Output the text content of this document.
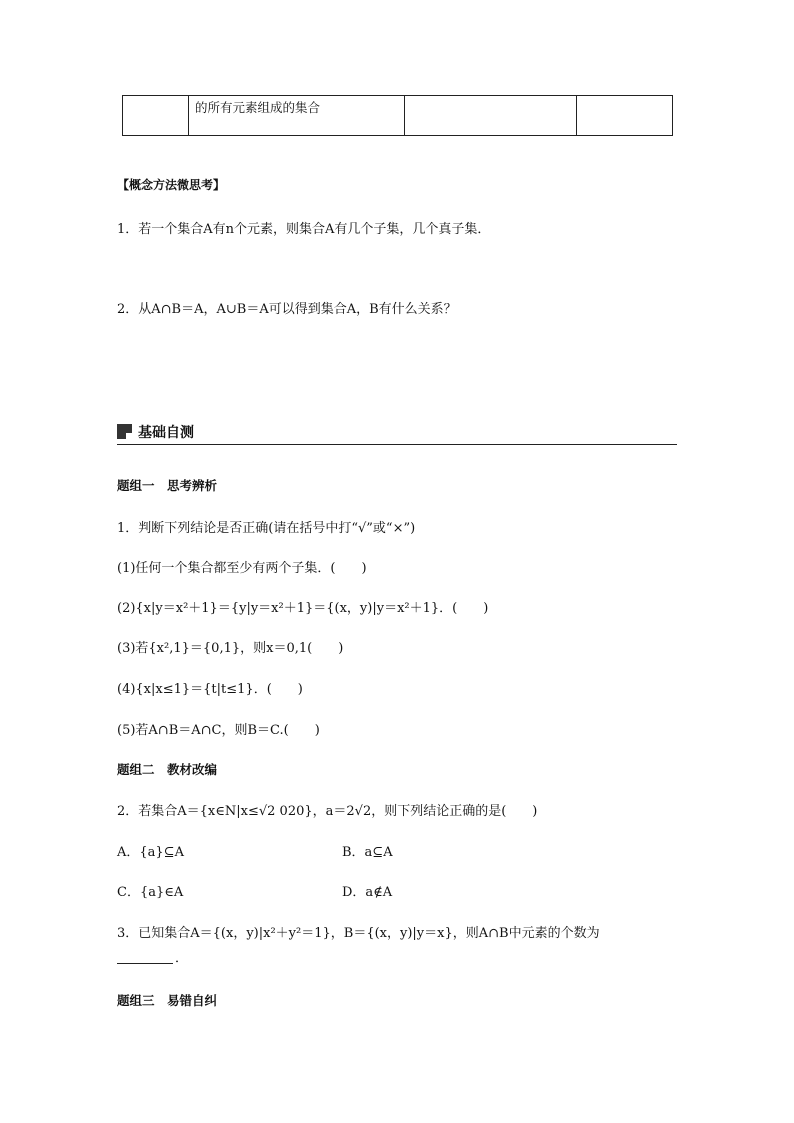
	的所有元素组成的集合		
【概念方法微思考】
1．若一个集合A有n个元素，则集合A有几个子集，几个真子集．
2．从A∩B＝A，A∪B＝A可以得到集合A，B有什么关系？
基础自测
题组一　思考辨析
1．判断下列结论是否正确(请在括号中打“√”或“×”)
(1)任何一个集合都至少有两个子集．(　　)
(2){x|y＝x²＋1}＝{y|y＝x²＋1}＝{(x，y)|y＝x²＋1}．(　　)
(3)若{x²,1}＝{0,1}，则x＝0,1(　　)
(4){x|x≤1}＝{t|t≤1}．(　　)
(5)若A∩B＝A∩C，则B＝C.(　　)
题组二　教材改编
2．若集合A＝{x∈N|x≤√2 020}，a＝2√2，则下列结论正确的是(　　)
A．{a}⊆A	B．a⊆A
C．{a}∈A	D．a∉A
3．已知集合A＝{(x，y)|x²＋y²＝1}，B＝{(x，y)|y＝x}，则A∩B中元素的个数为
．
题组三　易错自纠
